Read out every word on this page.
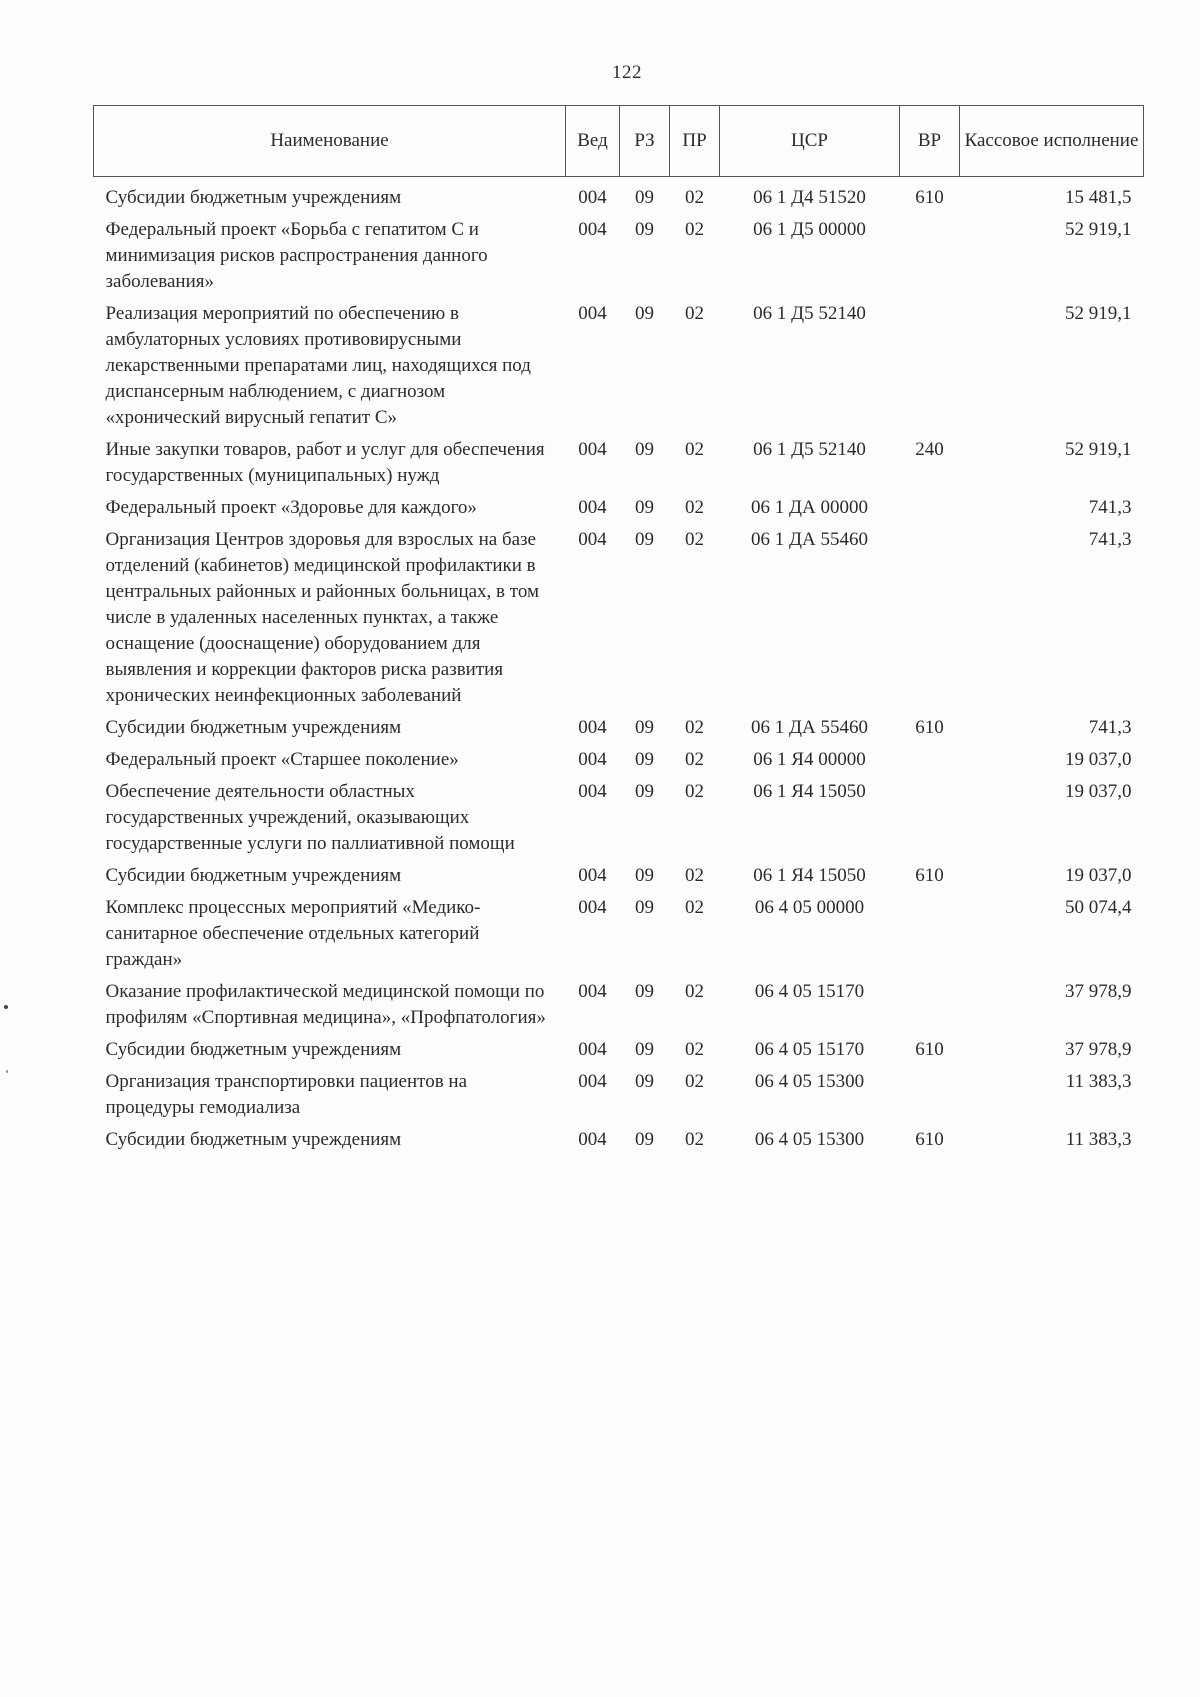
122
Наименование	Вед	РЗ	ПР	ЦСР	ВР	Кассовое исполнение
Субсидии бюджетным учреждениям	004	09	02	06 1 Д4 51520	610	15 481,5
Федеральный проект «Борьба с гепатитом С и минимизация рисков распространения данного заболевания»	004	09	02	06 1 Д5 00000		52 919,1
Реализация мероприятий по обеспечению в амбулаторных условиях противовирусными лекарственными препаратами лиц, находящихся под диспансерным наблюдением, с диагнозом «хронический вирусный гепатит С»	004	09	02	06 1 Д5 52140		52 919,1
Иные закупки товаров, работ и услуг для обеспечения государственных (муниципальных) нужд	004	09	02	06 1 Д5 52140	240	52 919,1
Федеральный проект «Здоровье для каждого»	004	09	02	06 1 ДА 00000		741,3
Организация Центров здоровья для взрослых на базе отделений (кабинетов) медицинской профилактики в центральных районных и районных больницах, в том числе в удаленных населенных пунктах, а также оснащение (дооснащение) оборудованием для выявления и коррекции факторов риска развития хронических неинфекционных заболеваний	004	09	02	06 1 ДА 55460		741,3
Субсидии бюджетным учреждениям	004	09	02	06 1 ДА 55460	610	741,3
Федеральный проект «Старшее поколение»	004	09	02	06 1 Я4 00000		19 037,0
Обеспечение деятельности областных государственных учреждений, оказывающих государственные услуги по паллиативной помощи	004	09	02	06 1 Я4 15050		19 037,0
Субсидии бюджетным учреждениям	004	09	02	06 1 Я4 15050	610	19 037,0
Комплекс процессных мероприятий «Медико-санитарное обеспечение отдельных категорий граждан»	004	09	02	06 4 05 00000		50 074,4
Оказание профилактической медицинской помощи по профилям «Спортивная медицина», «Профпатология»	004	09	02	06 4 05 15170		37 978,9
Субсидии бюджетным учреждениям	004	09	02	06 4 05 15170	610	37 978,9
Организация транспортировки пациентов на процедуры гемодиализа	004	09	02	06 4 05 15300		11 383,3
Субсидии бюджетным учреждениям	004	09	02	06 4 05 15300	610	11 383,3
